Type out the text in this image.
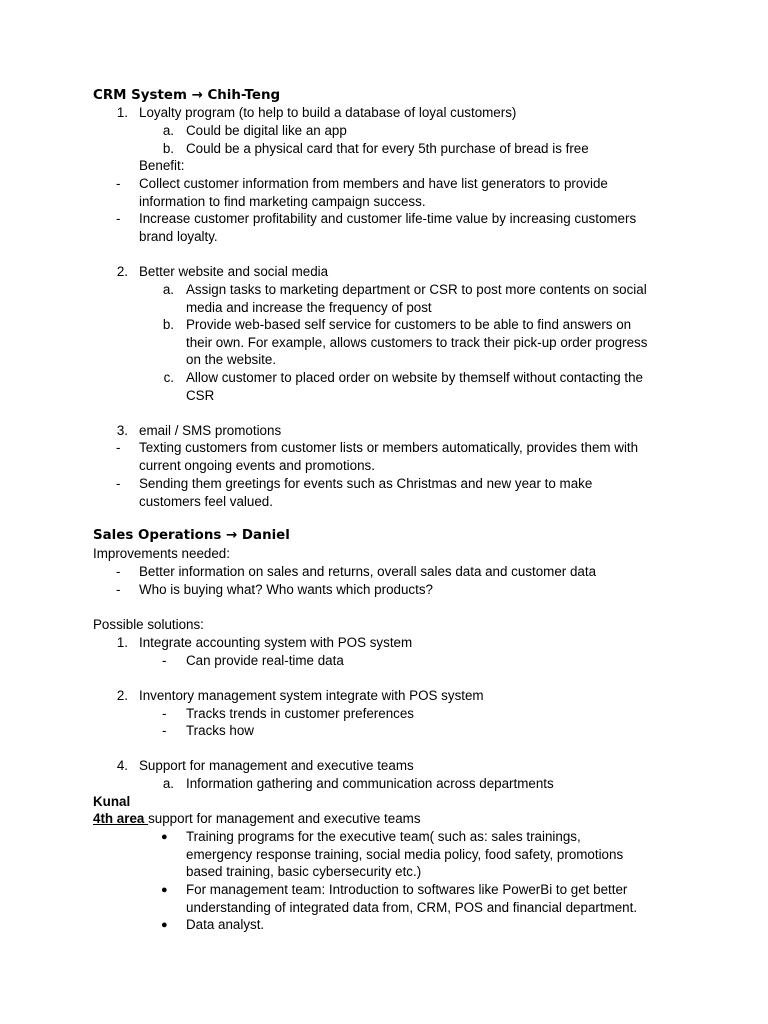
CRM System → Chih-Teng
1. Loyalty program (to help to build a database of loyal customers)
a. Could be digital like an app
b. Could be a physical card that for every 5th purchase of bread is free
Benefit:
-	Collect customer information from members and have list generators to provide
information to find marketing campaign success.
-	Increase customer profitability and customer life-time value by increasing customers
brand loyalty.
2. Better website and social media
a. Assign tasks to marketing department or CSR to post more contents on social
media and increase the frequency of post
b. Provide web-based self service for customers to be able to find answers on
their own. For example, allows customers to track their pick-up order progress
on the website.
c. Allow customer to placed order on website by themself without contacting the
CSR
3. email / SMS promotions
-	Texting customers from customer lists or members automatically, provides them with
current ongoing events and promotions.
-	Sending them greetings for events such as Christmas and new year to make
customers feel valued.
Sales Operations → Daniel
Improvements needed:
-	Better information on sales and returns, overall sales data and customer data
-	Who is buying what? Who wants which products?
Possible solutions:
1. Integrate accounting system with POS system
-	Can provide real-time data
2. Inventory management system integrate with POS system
-	Tracks trends in customer preferences
-	Tracks how
4. Support for management and executive teams
a. Information gathering and communication across departments
Kunal
4th area support for management and executive teams
● Training programs for the executive team( such as: sales trainings,
emergency response training, social media policy, food safety, promotions
based training, basic cybersecurity etc.)
● For management team: Introduction to softwares like PowerBi to get better
understanding of integrated data from, CRM, POS and financial department.
● Data analyst.
